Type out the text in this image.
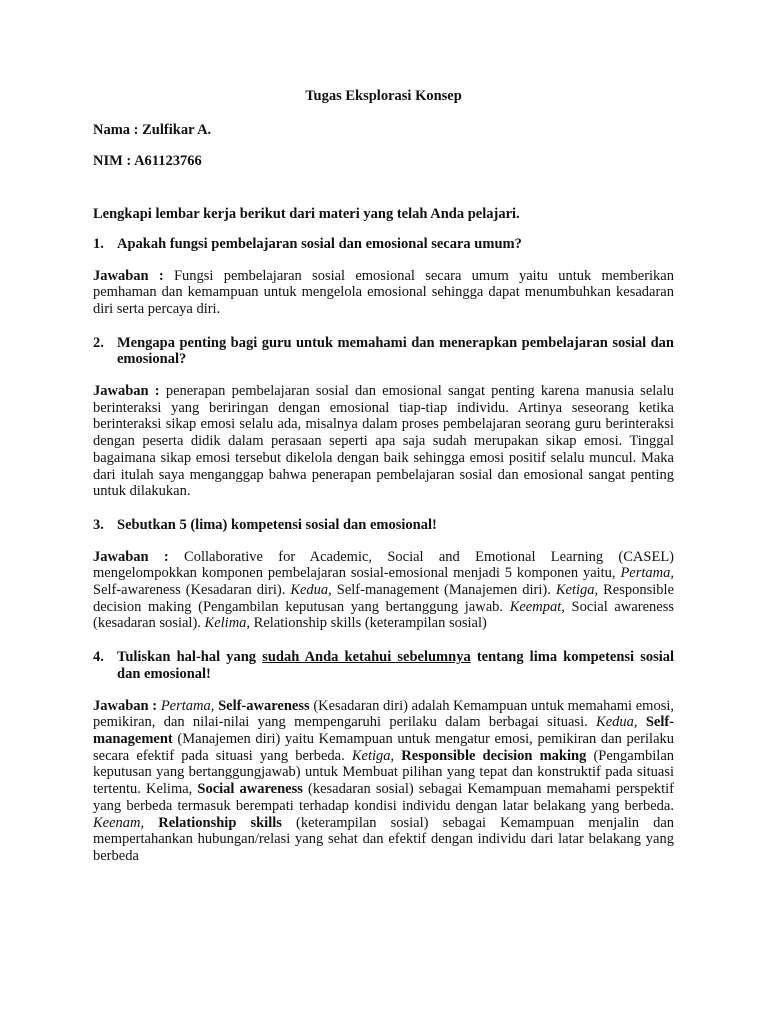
Tugas Eksplorasi Konsep

Nama : Zulfikar A.

NIM : A61123766

Lengkapi lembar kerja berikut dari materi yang telah Anda pelajari.

1. Apakah fungsi pembelajaran sosial dan emosional secara umum?

Jawaban : Fungsi pembelajaran sosial emosional secara umum yaitu untuk memberikan pemhaman dan kemampuan untuk mengelola emosional sehingga dapat menumbuhkan kesadaran diri serta percaya diri.

2. Mengapa penting bagi guru untuk memahami dan menerapkan pembelajaran sosial dan emosional?

Jawaban : penerapan pembelajaran sosial dan emosional sangat penting karena manusia selalu berinteraksi yang beriringan dengan emosional tiap-tiap individu. Artinya seseorang ketika berinteraksi sikap emosi selalu ada, misalnya dalam proses pembelajaran seorang guru berinteraksi dengan peserta didik dalam perasaan seperti apa saja sudah merupakan sikap emosi. Tinggal bagaimana sikap emosi tersebut dikelola dengan baik sehingga emosi positif selalu muncul. Maka dari itulah saya menganggap bahwa penerapan pembelajaran sosial dan emosional sangat penting untuk dilakukan.

3. Sebutkan 5 (lima) kompetensi sosial dan emosional!

Jawaban : Collaborative for Academic, Social and Emotional Learning (CASEL) mengelompokkan komponen pembelajaran sosial-emosional menjadi 5 komponen yaitu, Pertama, Self-awareness (Kesadaran diri). Kedua, Self-management (Manajemen diri). Ketiga, Responsible decision making (Pengambilan keputusan yang bertanggung jawab. Keempat, Social awareness (kesadaran sosial). Kelima, Relationship skills (keterampilan sosial)

4. Tuliskan hal-hal yang sudah Anda ketahui sebelumnya tentang lima kompetensi sosial dan emosional!

Jawaban : Pertama, Self-awareness (Kesadaran diri) adalah Kemampuan untuk memahami emosi, pemikiran, dan nilai-nilai yang mempengaruhi perilaku dalam berbagai situasi. Kedua, Self-management (Manajemen diri) yaitu Kemampuan untuk mengatur emosi, pemikiran dan perilaku secara efektif pada situasi yang berbeda. Ketiga, Responsible decision making (Pengambilan keputusan yang bertanggungjawab) untuk Membuat pilihan yang tepat dan konstruktif pada situasi tertentu. Kelima, Social awareness (kesadaran sosial) sebagai Kemampuan memahami perspektif yang berbeda termasuk berempati terhadap kondisi individu dengan latar belakang yang berbeda. Keenam, Relationship skills (keterampilan sosial) sebagai Kemampuan menjalin dan mempertahankan hubungan/relasi yang sehat dan efektif dengan individu dari latar belakang yang berbeda
